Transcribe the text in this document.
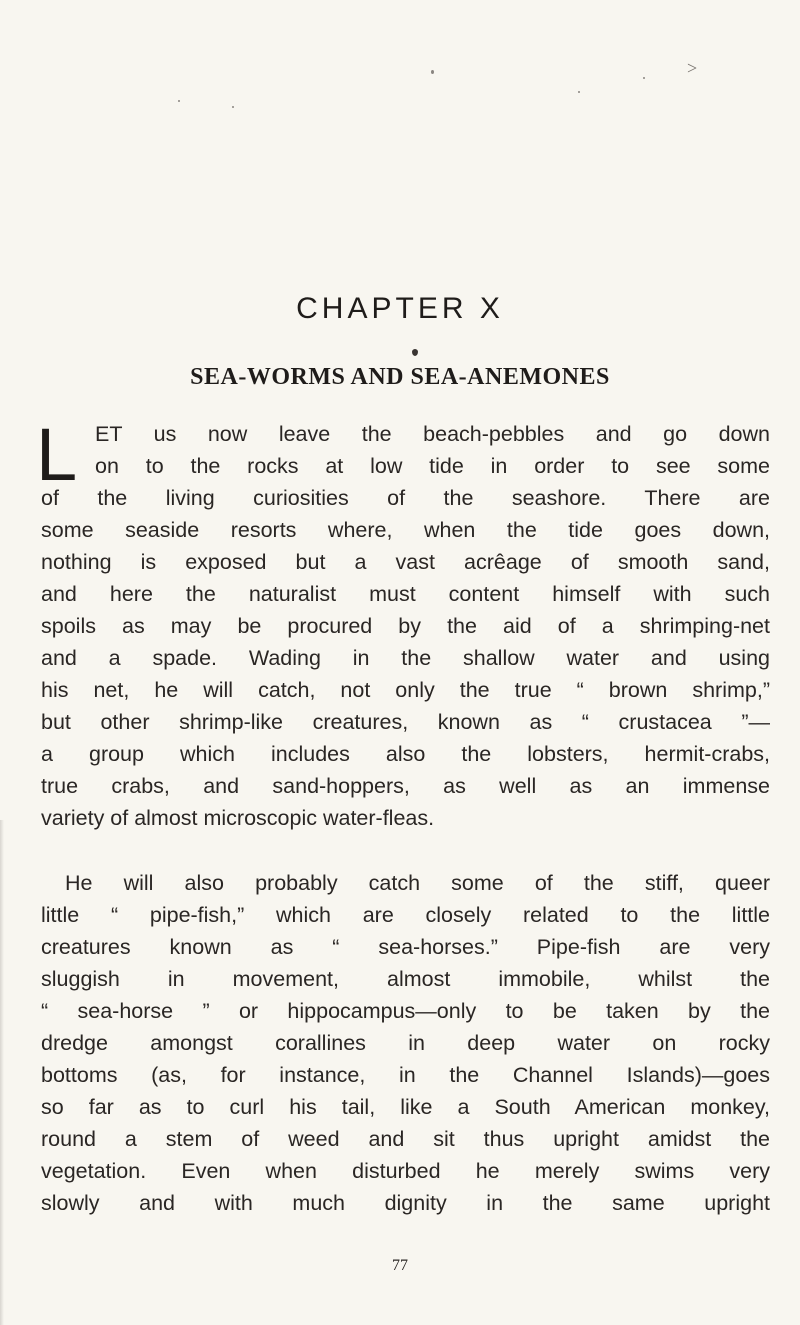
>
CHAPTER X
SEA-WORMS AND SEA-ANEMONES
L ET us now leave the beach-pebbles and go down
on to the rocks at low tide in order to see some
of the living curiosities of the seashore. There are
some seaside resorts where, when the tide goes down,
nothing is exposed but a vast acrêage of smooth sand,
and here the naturalist must content himself with such
spoils as may be procured by the aid of a shrimping-net
and a spade. Wading in the shallow water and using
his net, he will catch, not only the true “ brown shrimp,”
but other shrimp-like creatures, known as “ crustacea ”—
a group which includes also the lobsters, hermit-crabs,
true crabs, and sand-hoppers, as well as an immense
variety of almost microscopic water-fleas.
He will also probably catch some of the stiff, queer
little “ pipe-fish,” which are closely related to the little
creatures known as “ sea-horses.” Pipe-fish are very
sluggish in movement, almost immobile, whilst the
“ sea-horse ” or hippocampus—only to be taken by the
dredge amongst corallines in deep water on rocky
bottoms (as, for instance, in the Channel Islands)—goes
so far as to curl his tail, like a South American monkey,
round a stem of weed and sit thus upright amidst the
vegetation. Even when disturbed he merely swims very
slowly and with much dignity in the same upright
77
